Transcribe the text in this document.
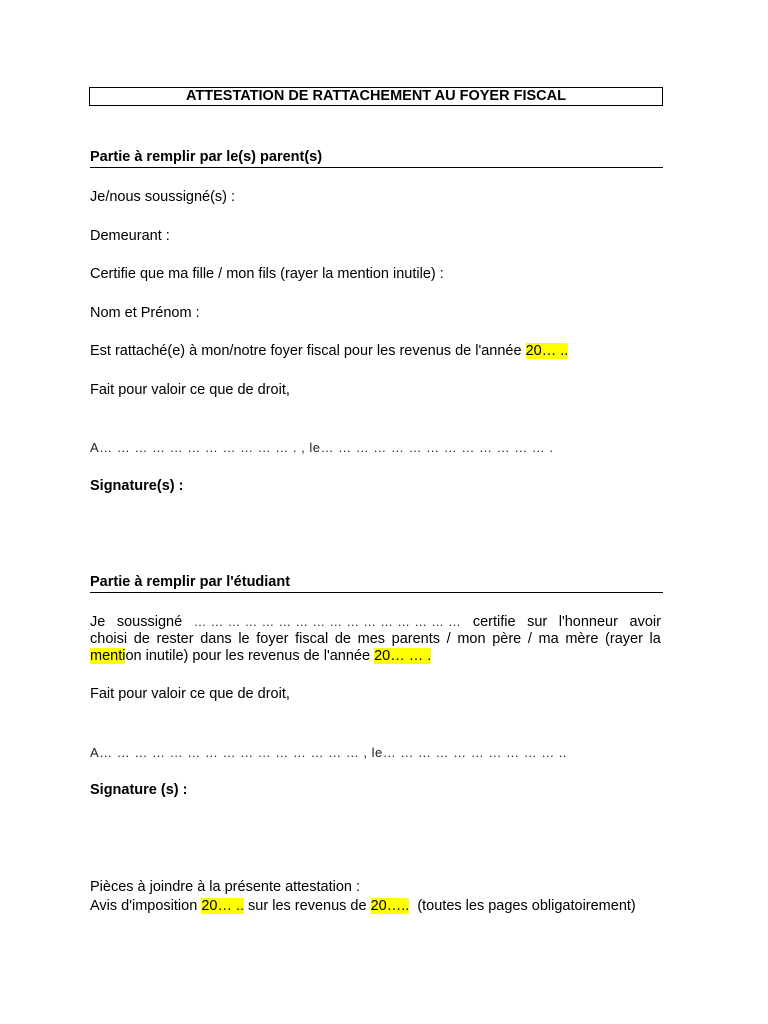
ATTESTATION DE RATTACHEMENT AU FOYER FISCAL
Partie à remplir par le(s) parent(s)
Je/nous soussigné(s) :
Demeurant :
Certifie que ma fille / mon fils (rayer la mention inutile) :
Nom et Prénom :
Est rattaché(e) à mon/notre foyer fiscal pour les revenus de l'année 20… ..
Fait pour valoir ce que de droit,
A… … … … … … … … … … … . , le… … … … … … … … … … … … … .
Signature(s) :
Partie à remplir par l'étudiant
Je soussigné … … … … … … … … … … … … … … … … certifie sur l'honneur avoir
choisi de rester dans le foyer fiscal de mes parents / mon père / ma mère (rayer la
mention inutile) pour les revenus de l'année 20… … .
Fait pour valoir ce que de droit,
A… … … … … … … … … … … … … … … , le… … … … … … … … … … ..
Signature (s) :
Pièces à joindre à la présente attestation :
Avis d'imposition 20… .. sur les revenus de 20…..  (toutes les pages obligatoirement)
